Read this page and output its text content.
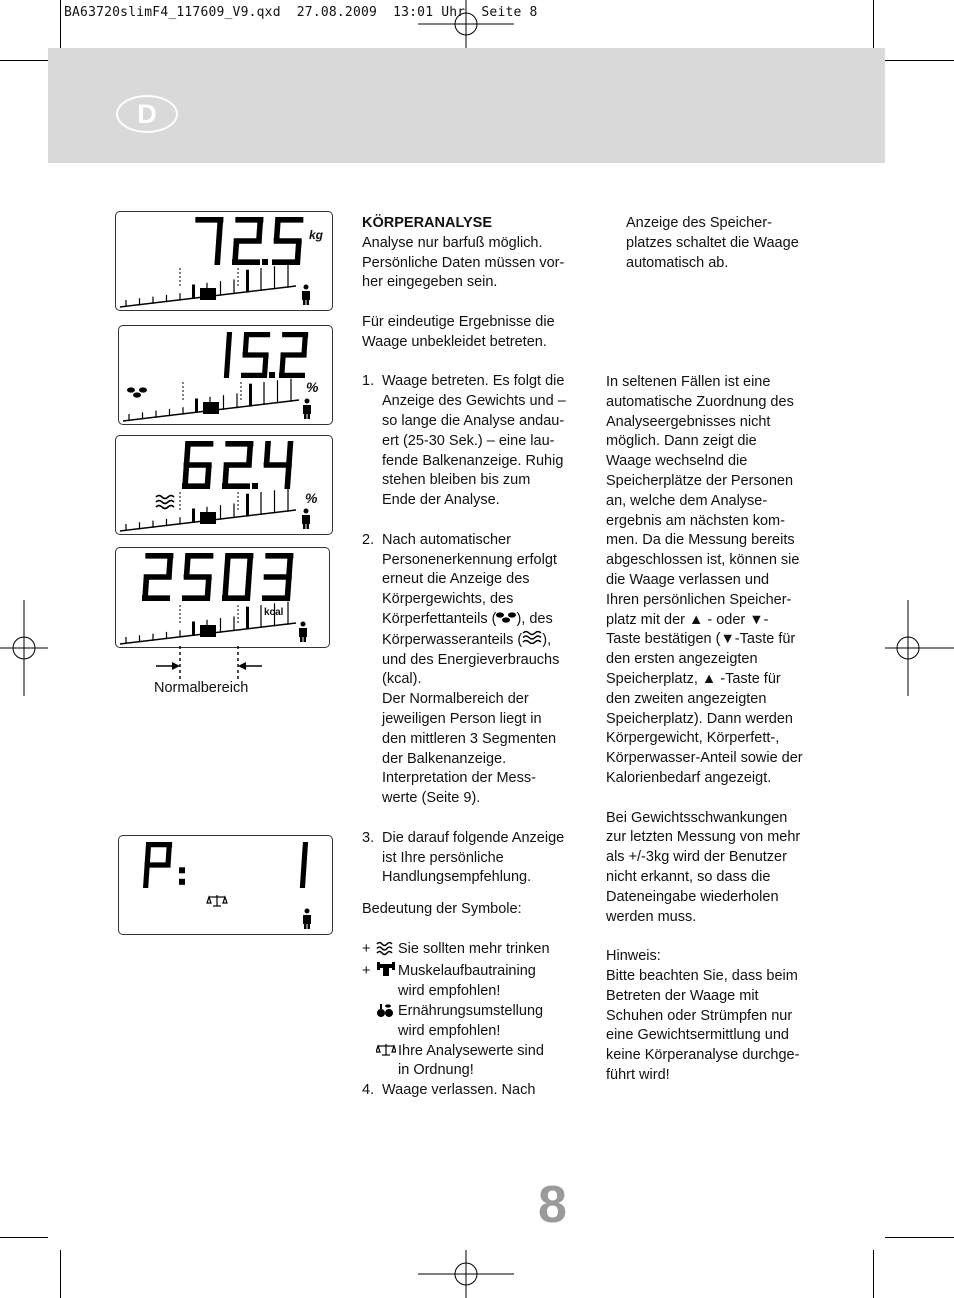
BA63720slimF4_117609_V9.qxd  27.08.2009  13:01 Uhr  Seite 8
D
kg
%
%
kcal
Normalbereich

KÖRPERANALYSE

Analyse nur barfuß möglich.

Persönliche Daten müssen vor-

her eingegeben sein.

Für eindeutige Ergebnisse die

Waage unbekleidet betreten.

1. Waage betreten. Es folgt die

Anzeige des Gewichts und –

so lange die Analyse andau-

ert (25-30 Sek.) – eine lau-

fende Balkenanzeige. Ruhig

stehen bleiben bis zum

Ende der Analyse.

2. Nach automatischer

Personenerkennung erfolgt

erneut die Anzeige des

Körpergewichts, des

Körperfettanteils ( ), des

Körperwasseranteils ( ),

und des Energieverbrauchs

(kcal).

Der Normalbereich der

jeweiligen Person liegt in

den mittleren 3 Segmenten

der Balkenanzeige.

Interpretation der Mess-

werte (Seite 9).

3. Die darauf folgende Anzeige

ist Ihre persönliche

Handlungsempfehlung.

Bedeutung der Symbole:

+	Sie sollten mehr trinken

+	Muskelaufbautraining

wird empfohlen!

Ernährungsumstellung

wird empfohlen!

Ihre Analysewerte sind

in Ordnung!

4. Waage verlassen. Nach

Anzeige des Speicher-

platzes schaltet die Waage

automatisch ab.

In seltenen Fällen ist eine

automatische Zuordnung des

Analyseergebnisses nicht

möglich. Dann zeigt die

Waage wechselnd die

Speicherplätze der Personen

an, welche dem Analyse-

ergebnis am nächsten kom-

men. Da die Messung bereits

abgeschlossen ist, können sie

die Waage verlassen und

Ihren persönlichen Speicher-

platz mit der ▲ - oder ▼-

Taste bestätigen (▼-Taste für

den ersten angezeigten

Speicherplatz, ▲ -Taste für

den zweiten angezeigten

Speicherplatz). Dann werden

Körpergewicht, Körperfett-,

Körperwasser-Anteil sowie der

Kalorienbedarf angezeigt.

Bei Gewichtsschwankungen

zur letzten Messung von mehr

als +/-3kg wird der Benutzer

nicht erkannt, so dass die

Dateneingabe wiederholen

werden muss.

Hinweis:

Bitte beachten Sie, dass beim

Betreten der Waage mit

Schuhen oder Strümpfen nur

eine Gewichtsermittlung und

keine Körperanalyse durchge-

führt wird!

8
